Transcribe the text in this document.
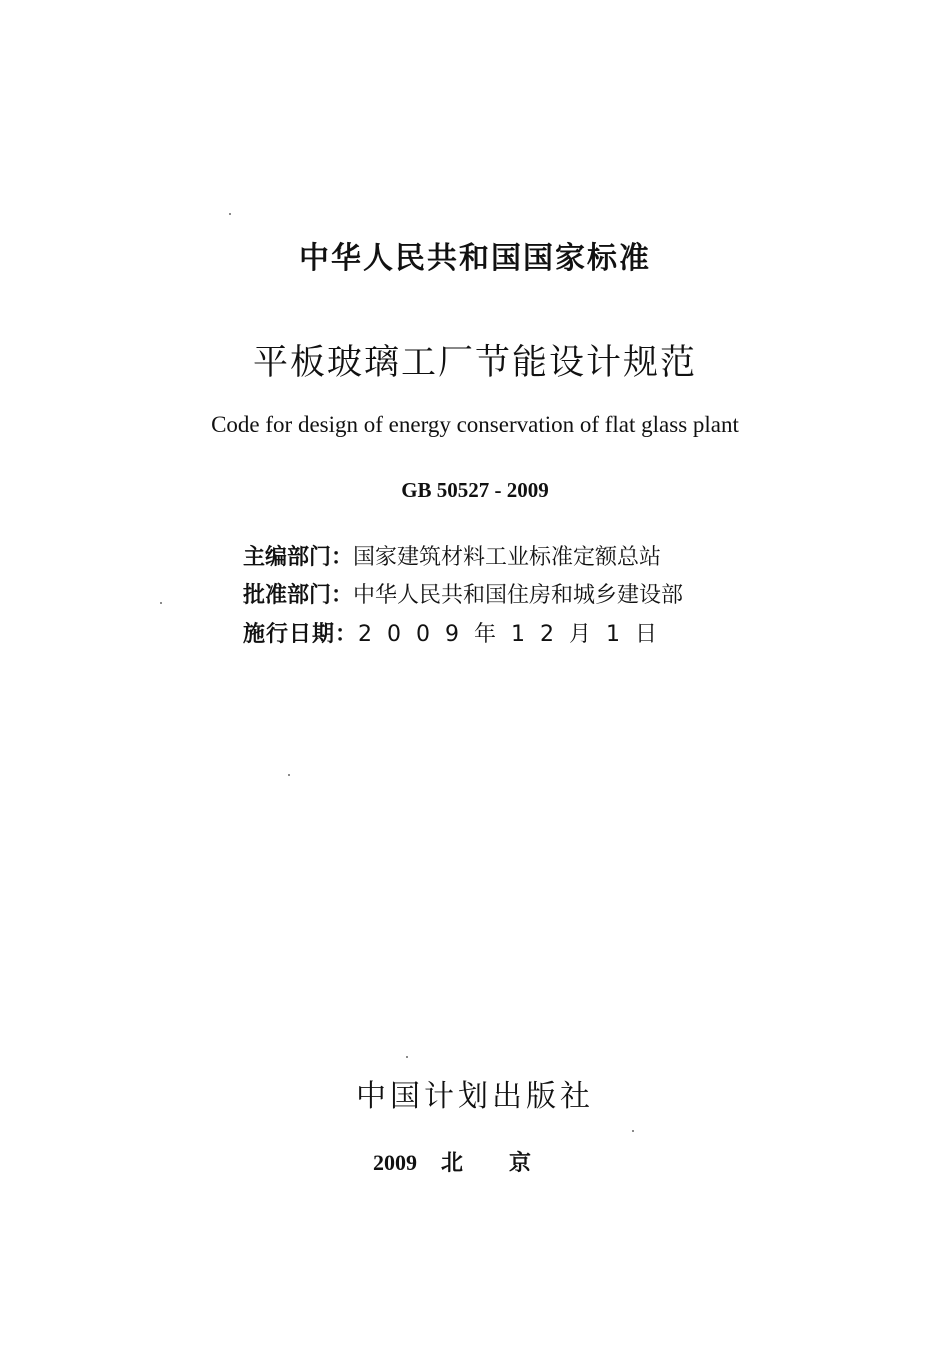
中华人民共和国国家标准
平板玻璃工厂节能设计规范
Code for design of energy conservation of flat glass plant
GB 50527 - 2009
主编部门：国家建筑材料工业标准定额总站
批准部门：中华人民共和国住房和城乡建设部
施行日期：2009年12月1日
中国计划出版社
2009 北京
